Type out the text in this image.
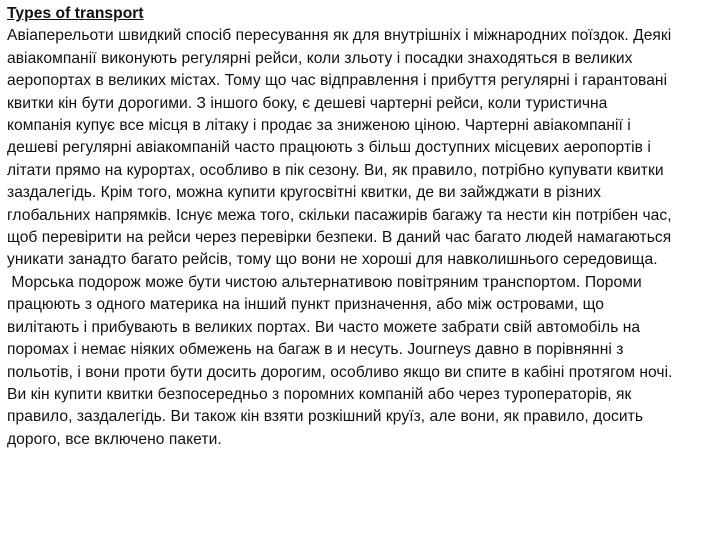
Types of transport
Авіаперельоти швидкий спосіб пересування як для внутрішніх і міжнародних поїздок. Деякі
авіакомпанії виконують регулярні рейси, коли зльоту і посадки знаходяться в великих
аеропортах в великих містах. Тому що час відправлення і прибуття регулярні і гарантовані
квитки кін бути дорогими. З іншого боку, є дешеві чартерні рейси, коли туристична
компанія купує все місця в літаку і продає за зниженою ціною. Чартерні авіакомпанії і
дешеві регулярні авіакомпаній часто працюють з більш доступних місцевих аеропортів і
літати прямо на курортах, особливо в пік сезону. Ви, як правило, потрібно купувати квитки
заздалегідь. Крім того, можна купити кругосвітні квитки, де ви зайжджати в різних
глобальних напрямків. Існує межа того, скільки пасажирів багажу та нести кін потрібен час,
щоб перевірити на рейси через перевірки безпеки. В даний час багато людей намагаються
уникати занадто багато рейсів, тому що вони не хороші для навколишнього середовища.
Морська подорож може бути чистою альтернативою повітряним транспортом. Пороми
працюють з одного материка на інший пункт призначення, або між островами, що
вилітають і прибувають в великих портах. Ви часто можете забрати свій автомобіль на
поромах і немає ніяких обмежень на багаж в и несуть. Journeys давно в порівнянні з
польотів, і вони проти бути досить дорогим, особливо якщо ви спите в кабіні протягом ночі.
Ви кін купити квитки безпосередньо з поромних компаній або через туроператорів, як
правило, заздалегідь. Ви також кін взяти розкішний круїз, але вони, як правило, досить
дорого, все включено пакети.
